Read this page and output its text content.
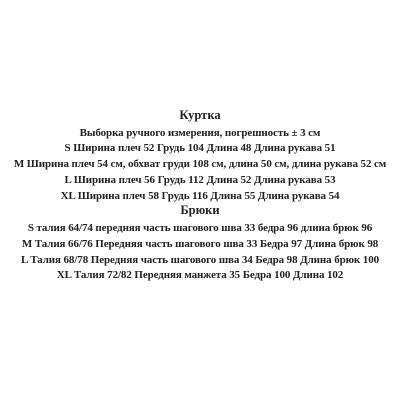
Куртка
Выборка ручного измерения, погрешность ± 3 см
S Ширина плеч 52 Грудь 104 Длина 48 Длина рукава 51
M Ширина плеч 54 см, обхват груди 108 см, длина 50 см, длина рукава 52 см
L Ширина плеч 56 Грудь 112 Длина 52 Длина рукава 53
XL Ширина плеч 58 Грудь 116 Длина 55 Длина рукава 54
Брюки
S талия 64/74 передняя часть шагового шва 33 бедра 96 длина брюк 96
M Талия 66/76 Передняя часть шагового шва 33 Бедра 97 Длина брюк 98
L Талия 68/78 Передняя часть шагового шва 34 Бедра 98 Длина брюк 100
XL Талия 72/82 Передняя манжета 35 Бедра 100 Длина 102
